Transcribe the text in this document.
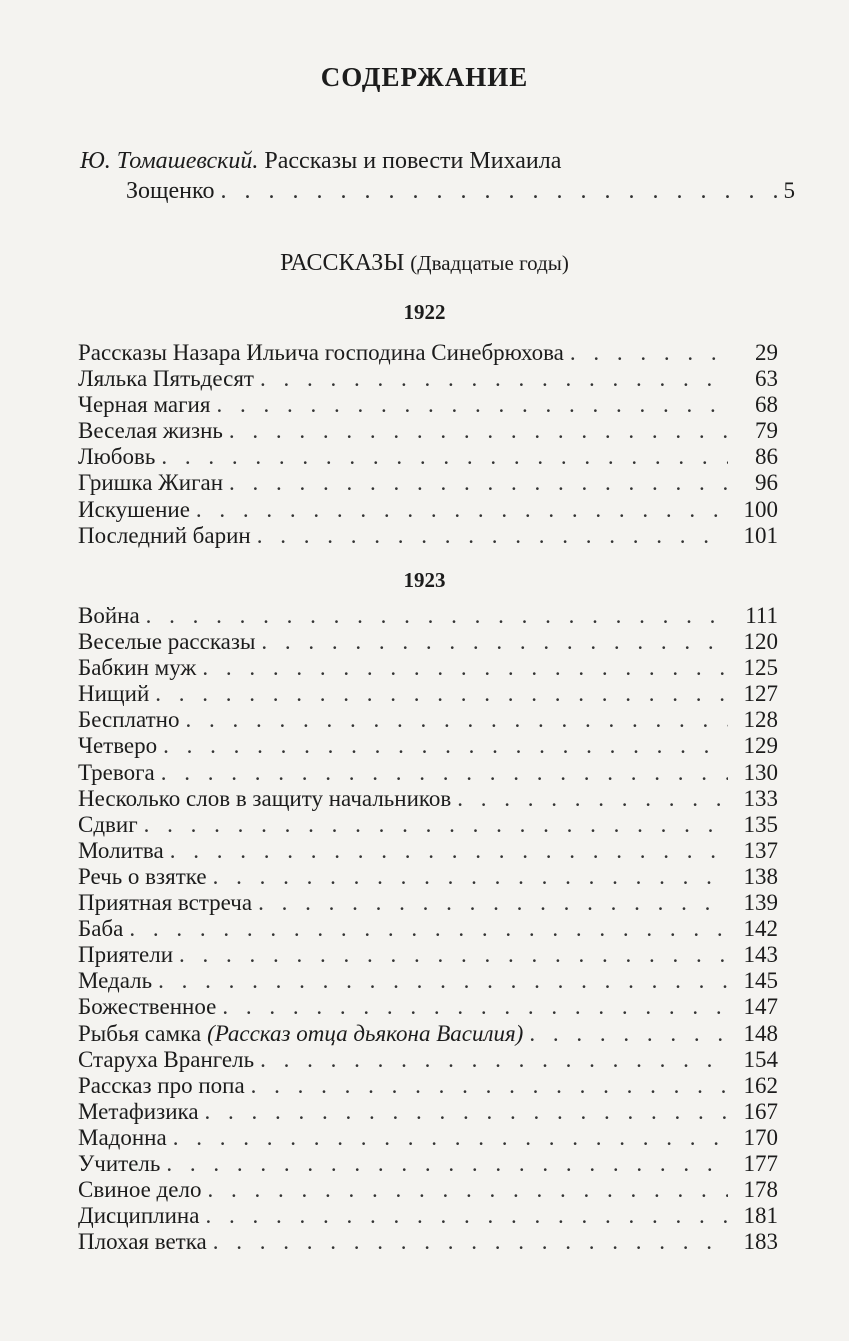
СОДЕРЖАНИЕ
Ю. Томашевский. Рассказы и повести Михаила
Зощенко . . .	5
РАССКАЗЫ (Двадцатые годы)
1922
Рассказы Назара Ильича господина Синебрюхова . . .	29
Лялька Пятьдесят . . .	63
Черная магия . . .	68
Веселая жизнь . . .	79
Любовь . . .	86
Гришка Жиган . . .	96
Искушение . . .	100
Последний барин . . .	101
1923
Война . . .	111
Веселые рассказы . . .	120
Бабкин муж . . .	125
Нищий . . .	127
Бесплатно . . .	128
Четверо . . .	129
Тревога . . .	130
Несколько слов в защиту начальников . . .	133
Сдвиг . . .	135
Молитва . . .	137
Речь о взятке . . .	138
Приятная встреча . . .	139
Баба . . .	142
Приятели . . .	143
Медаль . . .	145
Божественное . . .	147
Рыбья самка (Рассказ отца дьякона Василия) . . .	148
Старуха Врангель . . .	154
Рассказ про попа . . .	162
Метафизика . . .	167
Мадонна . . .	170
Учитель . . .	177
Свиное дело . . .	178
Дисциплина . . .	181
Плохая ветка . . .	183
